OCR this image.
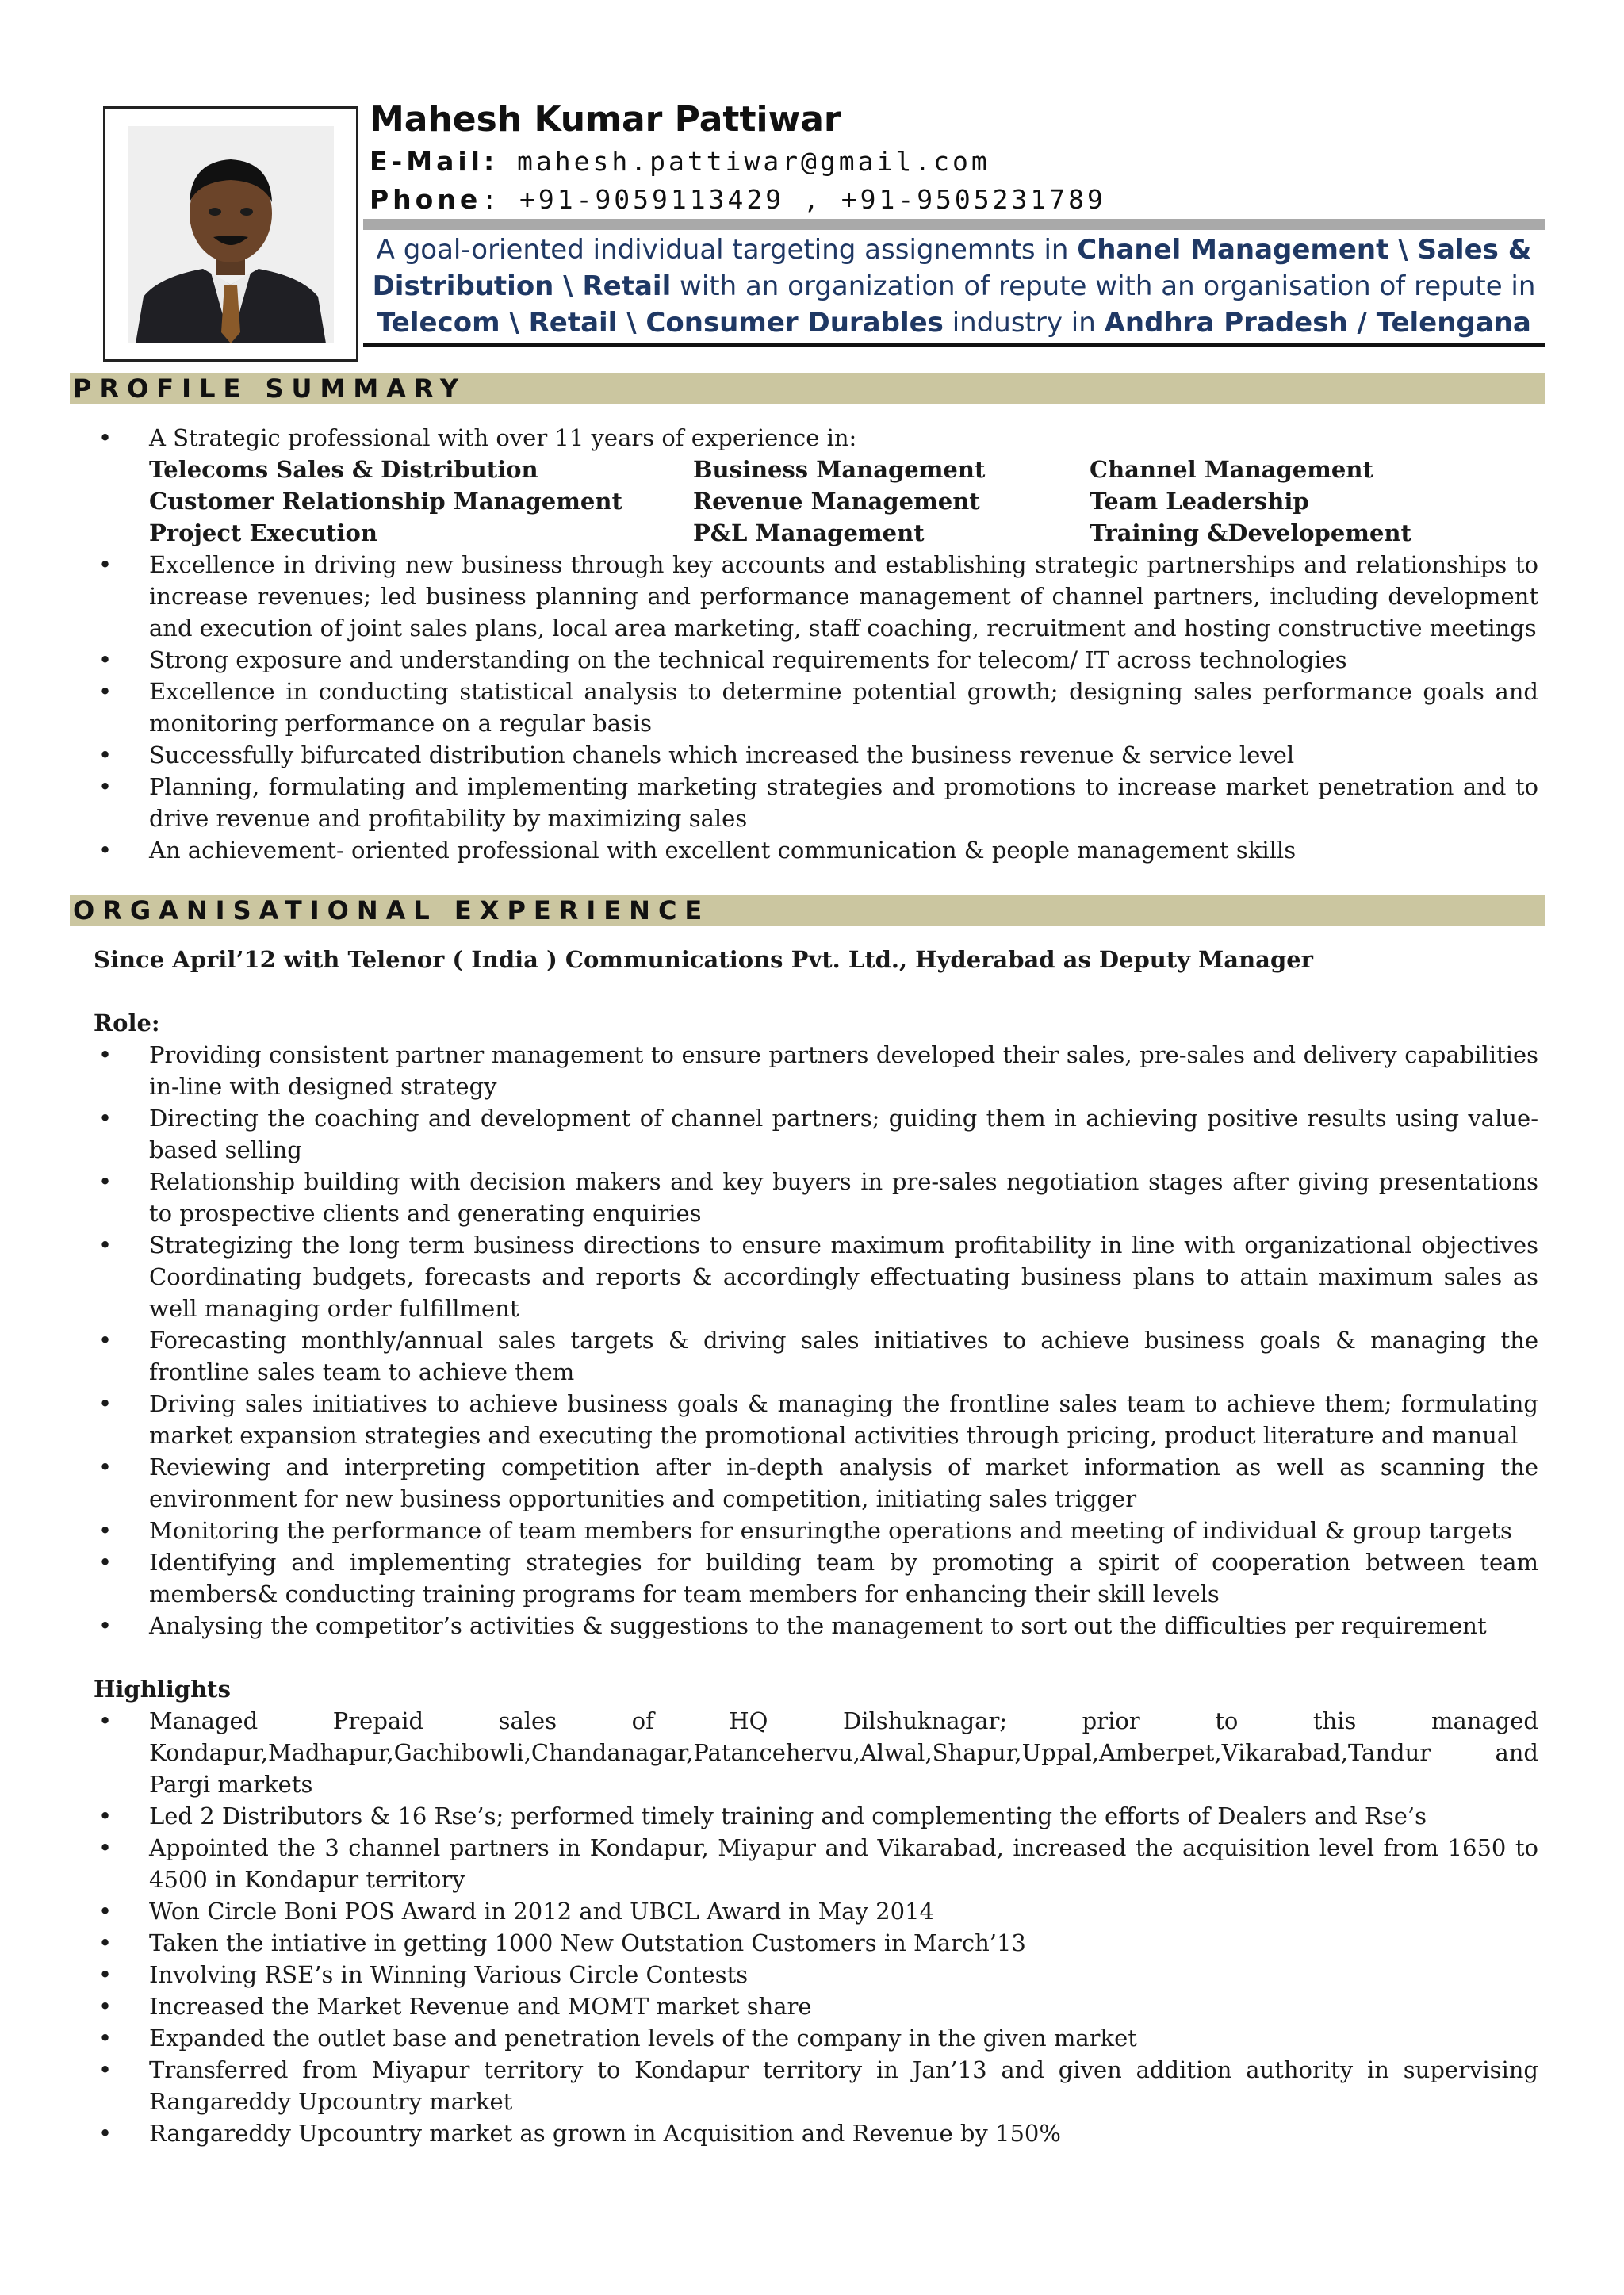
Mahesh Kumar Pattiwar
E-Mail: mahesh.pattiwar@gmail.com
Phone: +91-9059113429 , +91-9505231789
A goal-oriented individual targeting assignemnts in Chanel Management \ Sales & Distribution \ Retail with an organization of repute with an organisation of repute in Telecom \ Retail \ Consumer Durables industry in Andhra Pradesh / Telengana
PROFILE SUMMARY
• A Strategic professional with over 11 years of experience in:
Telecoms Sales & Distribution	Business Management	Channel Management
Customer Relationship Management	Revenue Management	Team Leadership
Project Execution	P&L Management	Training &Developement
• Excellence in driving new business through key accounts and establishing strategic partnerships and relationships to increase revenues; led business planning and performance management of channel partners, including development and execution of joint sales plans, local area marketing, staff coaching, recruitment and hosting constructive meetings
• Strong exposure and understanding on the technical requirements for telecom/ IT across technologies
• Excellence in conducting statistical analysis to determine potential growth; designing sales performance goals and monitoring performance on a regular basis
• Successfully bifurcated distribution chanels which increased the business revenue & service level
• Planning, formulating and implementing marketing strategies and promotions to increase market penetration and to drive revenue and profitability by maximizing sales
• An achievement- oriented professional with excellent communication & people management skills
ORGANISATIONAL EXPERIENCE
Since April’12 with Telenor ( India ) Communications Pvt. Ltd., Hyderabad as Deputy Manager
Role:
• Providing consistent partner management to ensure partners developed their sales, pre-sales and delivery capabilities in-line with designed strategy
• Directing the coaching and development of channel partners; guiding them in achieving positive results using value-based selling
• Relationship building with decision makers and key buyers in pre-sales negotiation stages after giving presentations to prospective clients and generating enquiries
• Strategizing the long term business directions to ensure maximum profitability in line with organizational objectives Coordinating budgets, forecasts and reports & accordingly effectuating business plans to attain maximum sales as well managing order fulfillment
• Forecasting monthly/annual sales targets & driving sales initiatives to achieve business goals & managing the frontline sales team to achieve them
• Driving sales initiatives to achieve business goals & managing the frontline sales team to achieve them; formulating market expansion strategies and executing the promotional activities through pricing, product literature and manual
• Reviewing and interpreting competition after in-depth analysis of market information as well as scanning the environment for new business opportunities and competition, initiating sales trigger
• Monitoring the performance of team members for ensuringthe operations and meeting of individual & group targets
• Identifying and implementing strategies for building team by promoting a spirit of cooperation between team members& conducting training programs for team members for enhancing their skill levels
• Analysing the competitor’s activities & suggestions to the management to sort out the difficulties per requirement
Highlights
• Managed Prepaid sales of HQ Dilshuknagar; prior to this managed Kondapur,Madhapur,Gachibowli,Chandanagar,Patancehervu,Alwal,Shapur,Uppal,Amberpet,Vikarabad,Tandur and Pargi markets
• Led 2 Distributors & 16 Rse’s; performed timely training and complementing the efforts of Dealers and Rse’s
• Appointed the 3 channel partners in Kondapur, Miyapur and Vikarabad, increased the acquisition level from 1650 to 4500 in Kondapur territory
• Won Circle Boni POS Award in 2012 and UBCL Award in May 2014
• Taken the intiative in getting 1000 New Outstation Customers in March’13
• Involving RSE’s in Winning Various Circle Contests
• Increased the Market Revenue and MOMT market share
• Expanded the outlet base and penetration levels of the company in the given market
• Transferred from Miyapur territory to Kondapur territory in Jan’13 and given addition authority in supervising Rangareddy Upcountry market
• Rangareddy Upcountry market as grown in Acquisition and Revenue by 150%
